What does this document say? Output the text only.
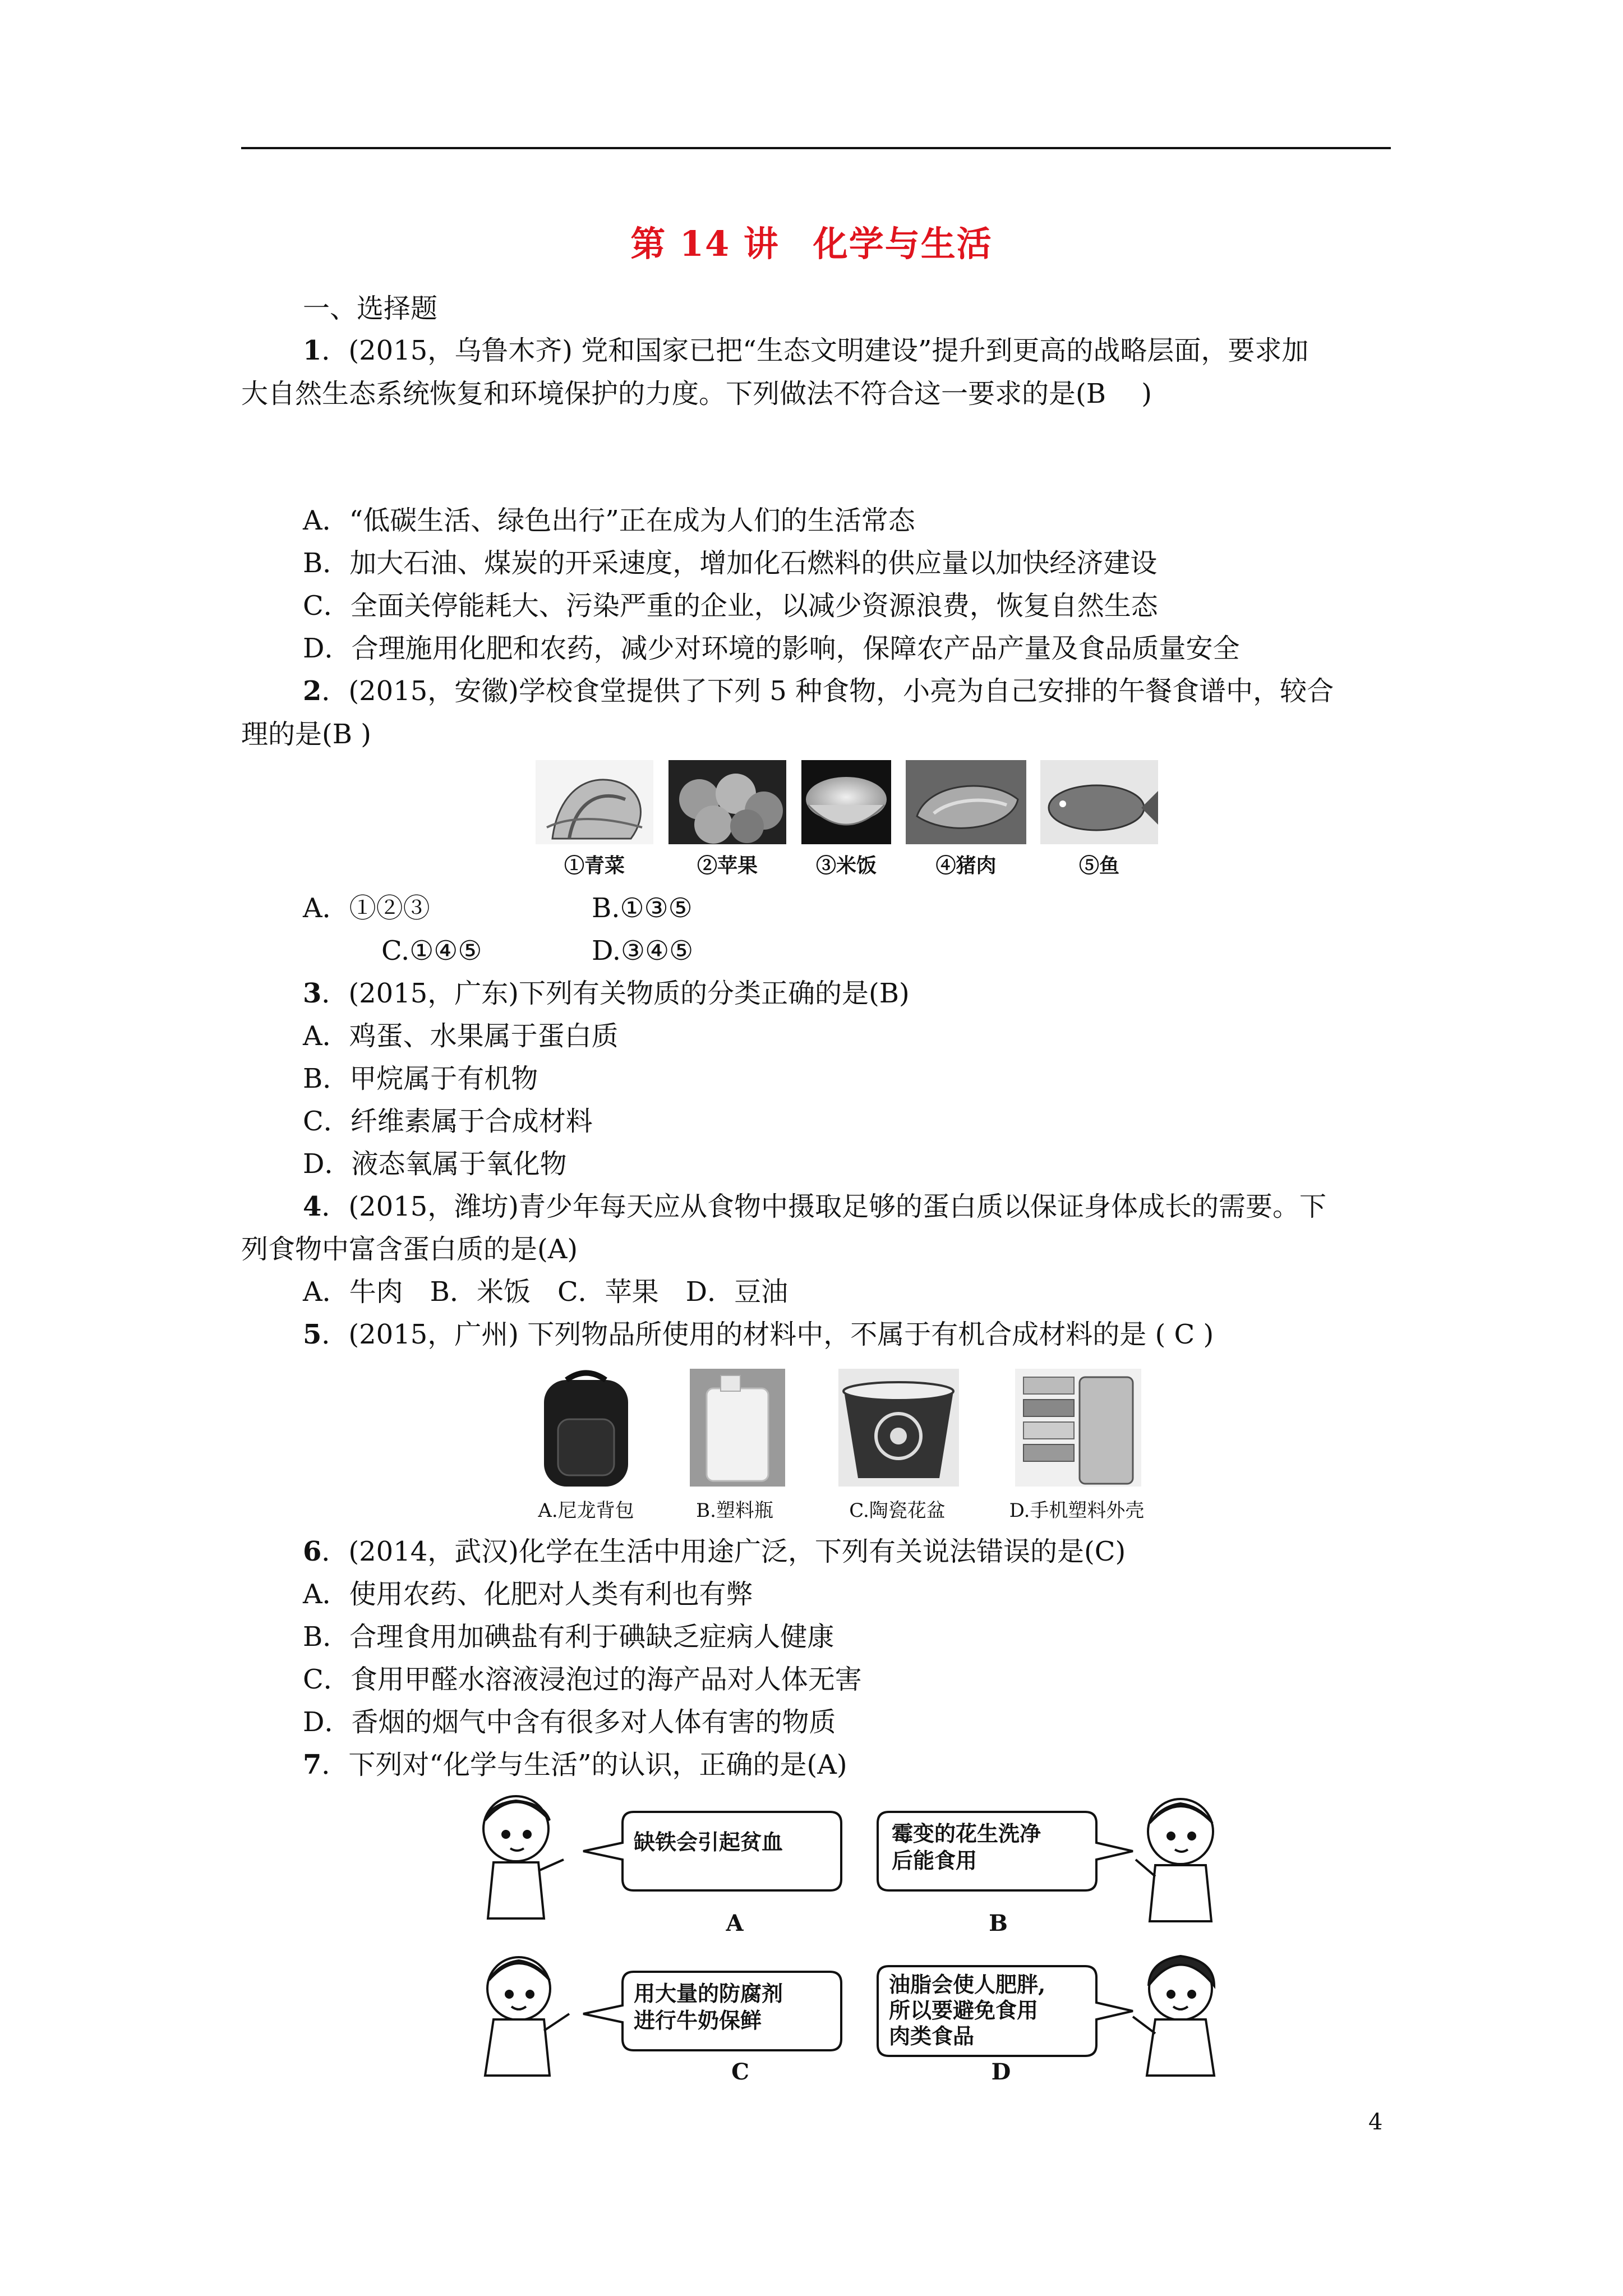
第 14 讲 化学与生活
一、选择题
1．(2015，乌鲁木齐) 党和国家已把“生态文明建设”提升到更高的战略层面，要求加
大自然生态系统恢复和环境保护的力度。下列做法不符合这一要求的是(B　 )
A．“低碳生活、绿色出行”正在成为人们的生活常态
B．加大石油、煤炭的开采速度，增加化石燃料的供应量以加快经济建设
C．全面关停能耗大、污染严重的企业，以减少资源浪费，恢复自然生态
D．合理施用化肥和农药，减少对环境的影响，保障农产品产量及食品质量安全
2．(2015，安徽)学校食堂提供了下列 5 种食物，小亮为自己安排的午餐食谱中，较合
理的是(B )
①青菜	②苹果	③米饭	④猪肉	⑤鱼
A．①②③	B.①③⑤
C.①④⑤	D.③④⑤
3．(2015，广东)下列有关物质的分类正确的是(B)
A．鸡蛋、水果属于蛋白质
B．甲烷属于有机物
C．纤维素属于合成材料
D．液态氧属于氧化物
4．(2015，潍坊)青少年每天应从食物中摄取足够的蛋白质以保证身体成长的需要。下
列食物中富含蛋白质的是(A)
A．牛肉　B．米饭　C．苹果　D．豆油
5．(2015，广州) 下列物品所使用的材料中，不属于有机合成材料的是 ( C )
A.尼龙背包	B.塑料瓶	C.陶瓷花盆	D.手机塑料外壳
6．(2014，武汉)化学在生活中用途广泛，下列有关说法错误的是(C)
A．使用农药、化肥对人类有利也有弊
B．合理食用加碘盐有利于碘缺乏症病人健康
C．食用甲醛水溶液浸泡过的海产品对人体无害
D．香烟的烟气中含有很多对人体有害的物质
7．下列对“化学与生活”的认识，正确的是(A)
缺铁会引起贫血	霉变的花生洗净
后能食用
用大量的防腐剂
进行牛奶保鲜
油脂会使人肥胖,
所以要避免食用
肉类食品
A	B
C	D
4
